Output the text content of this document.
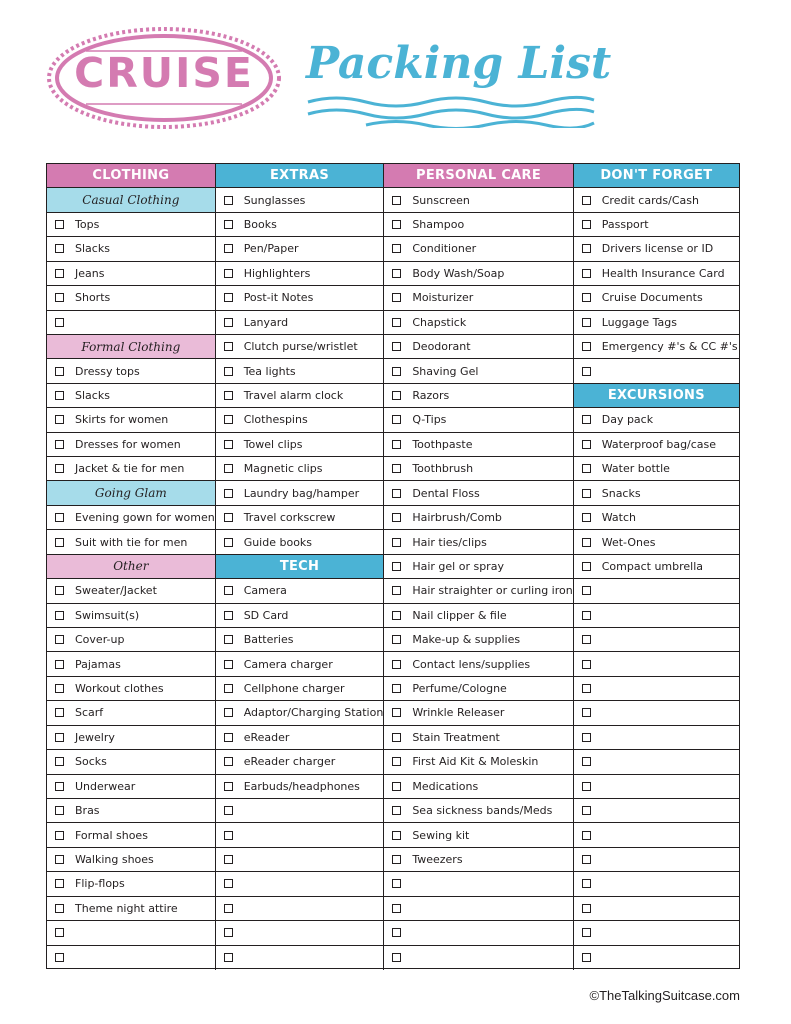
CRUISE	Packing List
CLOTHING
Casual Clothing
Tops
Slacks
Jeans
Shorts
Formal Clothing
Dressy tops
Slacks
Skirts for women
Dresses for women
Jacket & tie for men
Going Glam
Evening gown for women
Suit with tie for men
Other
Sweater/Jacket
Swimsuit(s)
Cover-up
Pajamas
Workout clothes
Scarf
Jewelry
Socks
Underwear
Bras
Formal shoes
Walking shoes
Flip-flops
Theme night attire
EXTRAS
Sunglasses
Books
Pen/Paper
Highlighters
Post-it Notes
Lanyard
Clutch purse/wristlet
Tea lights
Travel alarm clock
Clothespins
Towel clips
Magnetic clips
Laundry bag/hamper
Travel corkscrew
Guide books
TECH
Camera
SD Card
Batteries
Camera charger
Cellphone charger
Adaptor/Charging Station
eReader
eReader charger
Earbuds/headphones
PERSONAL CARE
Sunscreen
Shampoo
Conditioner
Body Wash/Soap
Moisturizer
Chapstick
Deodorant
Shaving Gel
Razors
Q-Tips
Toothpaste
Toothbrush
Dental Floss
Hairbrush/Comb
Hair ties/clips
Hair gel or spray
Hair straighter or curling iron
Nail clipper & file
Make-up & supplies
Contact lens/supplies
Perfume/Cologne
Wrinkle Releaser
Stain Treatment
First Aid Kit & Moleskin
Medications
Sea sickness bands/Meds
Sewing kit
Tweezers
DON'T FORGET
Credit cards/Cash
Passport
Drivers license or ID
Health Insurance Card
Cruise Documents
Luggage Tags
Emergency #'s & CC #'s
EXCURSIONS
Day pack
Waterproof bag/case
Water bottle
Snacks
Watch
Wet-Ones
Compact umbrella
©TheTalkingSuitcase.com
